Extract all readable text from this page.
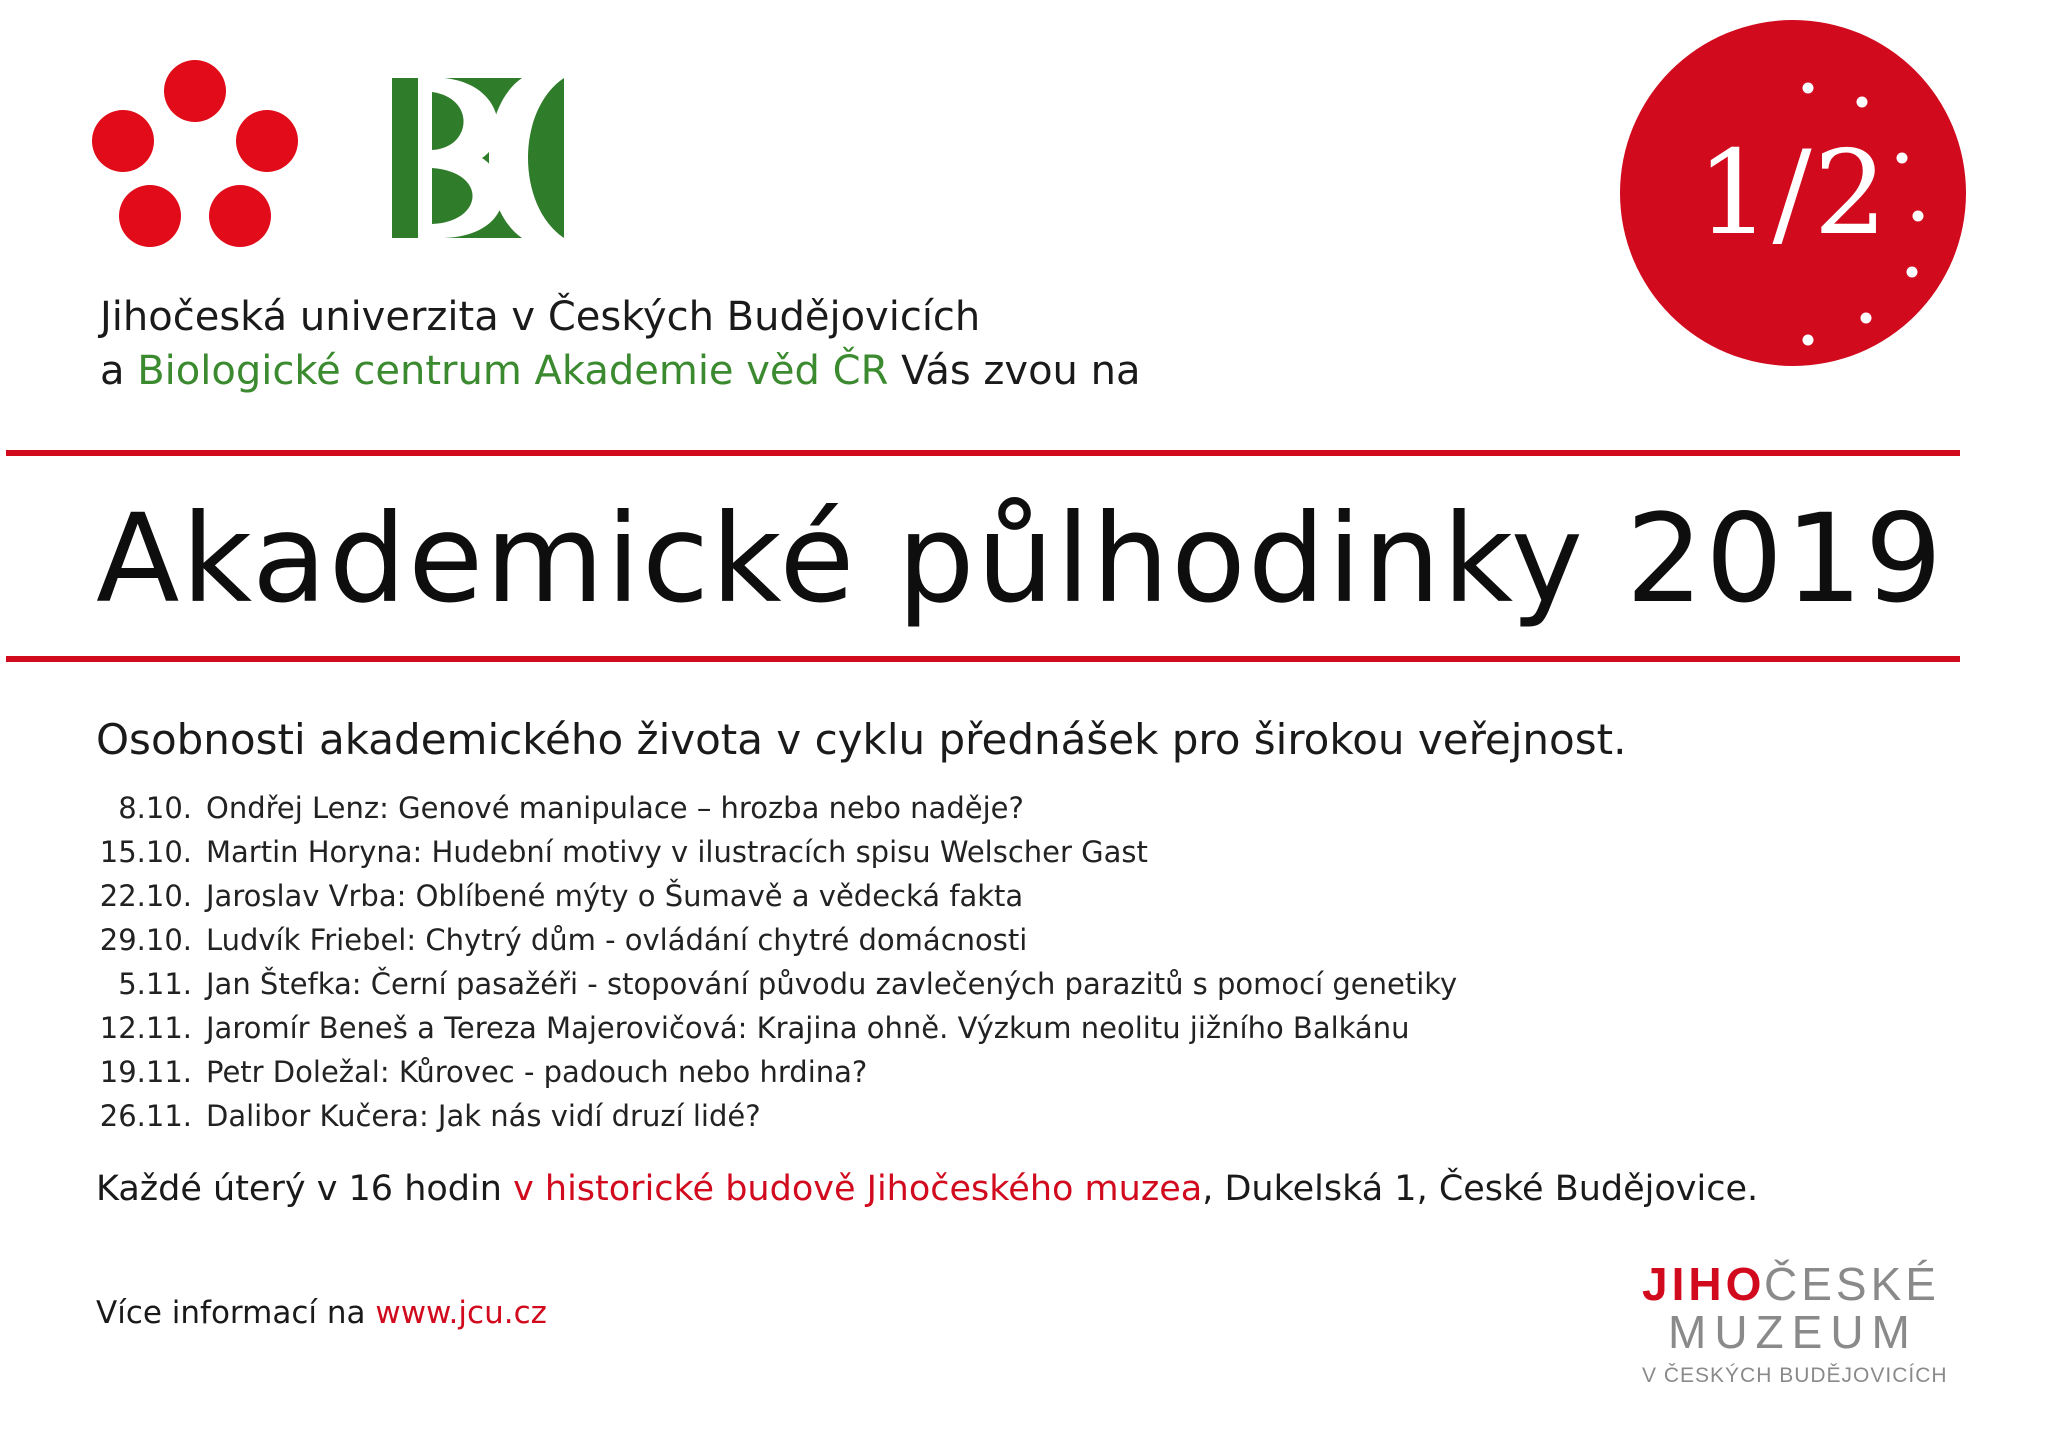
1/2
Jihočeská univerzita v Českých Budějovicích
a Biologické centrum Akademie věd ČR Vás zvou na
Akademické půlhodinky 2019
Osobnosti akademického života v cyklu přednášek pro širokou veřejnost.
8.10. Ondřej Lenz: Genové manipulace – hrozba nebo naděje?
15.10. Martin Horyna: Hudební motivy v ilustracích spisu Welscher Gast
22.10. Jaroslav Vrba: Oblíbené mýty o Šumavě a vědecká fakta
29.10. Ludvík Friebel: Chytrý dům - ovládání chytré domácnosti
5.11. Jan Štefka: Černí pasažéři - stopování původu zavlečených parazitů s pomocí genetiky
12.11. Jaromír Beneš a Tereza Majerovičová: Krajina ohně. Výzkum neolitu jižního Balkánu
19.11. Petr Doležal: Kůrovec - padouch nebo hrdina?
26.11. Dalibor Kučera: Jak nás vidí druzí lidé?
Každé úterý v 16 hodin v historické budově Jihočeského muzea, Dukelská 1, České Budějovice.
Více informací na www.jcu.cz
JIHO
ČESKÉ
MUZEUM
V ČESKÝCH BUDĚJOVICÍCH
